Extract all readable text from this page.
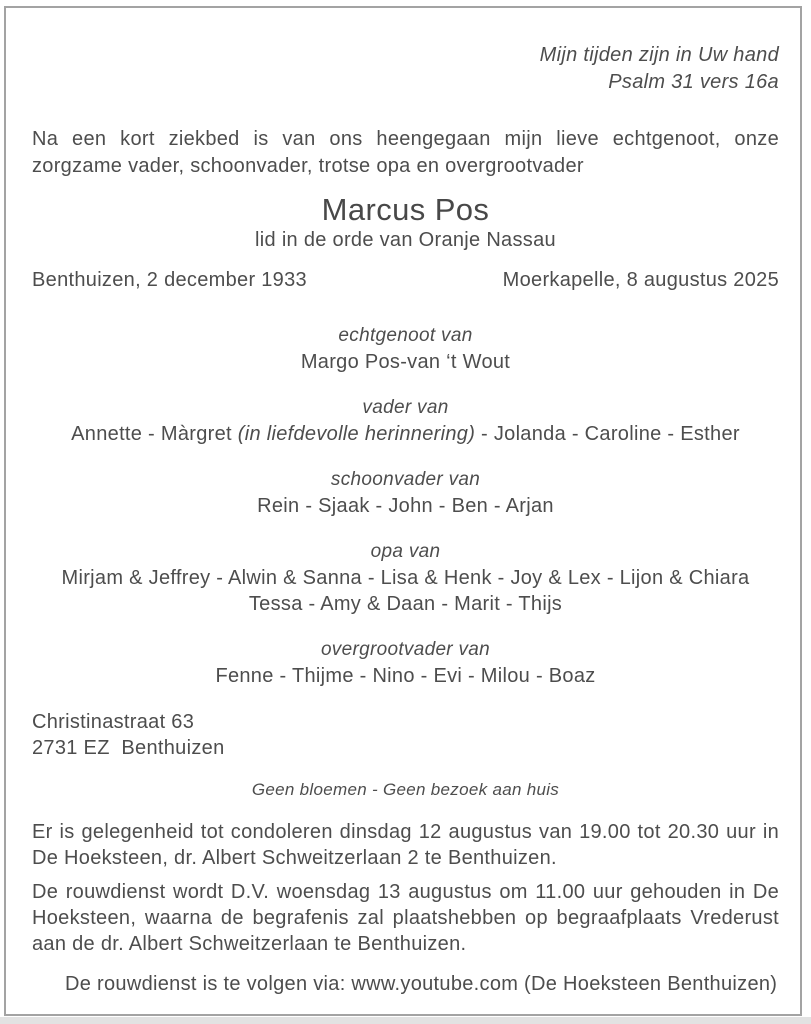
Mijn tijden zijn in Uw hand
Psalm 31 vers 16a

Na een kort ziekbed is van ons heengegaan mijn lieve echtgenoot, onze zorgzame vader, schoonvader, trotse opa en overgrootvader

Marcus Pos
lid in de orde van Oranje Nassau
Benthuizen, 2 december 1933	Moerkapelle, 8 augustus 2025
echtgenoot van
Margo Pos-van ‘t Wout
vader van
Annette - Màrgret (in liefdevolle herinnering) - Jolanda - Caroline - Esther
schoonvader van
Rein - Sjaak - John - Ben - Arjan
opa van
Mirjam & Jeffrey - Alwin & Sanna - Lisa & Henk - Joy & Lex - Lijon & Chiara
Tessa - Amy & Daan - Marit - Thijs
overgrootvader van
Fenne - Thijme - Nino - Evi - Milou - Boaz
Christinastraat 63
2731 EZ  Benthuizen
Geen bloemen - Geen bezoek aan huis

Er is gelegenheid tot condoleren dinsdag 12 augustus van 19.00 tot 20.30 uur in De Hoeksteen, dr. Albert Schweitzerlaan 2 te Benthuizen.

De rouwdienst wordt D.V. woensdag 13 augustus om 11.00 uur gehouden in De Hoeksteen, waarna de begrafenis zal plaatshebben op begraafplaats Vrederust aan de dr. Albert Schweitzerlaan te Benthuizen.

De rouwdienst is te volgen via: www.youtube.com (De Hoeksteen Benthuizen)
